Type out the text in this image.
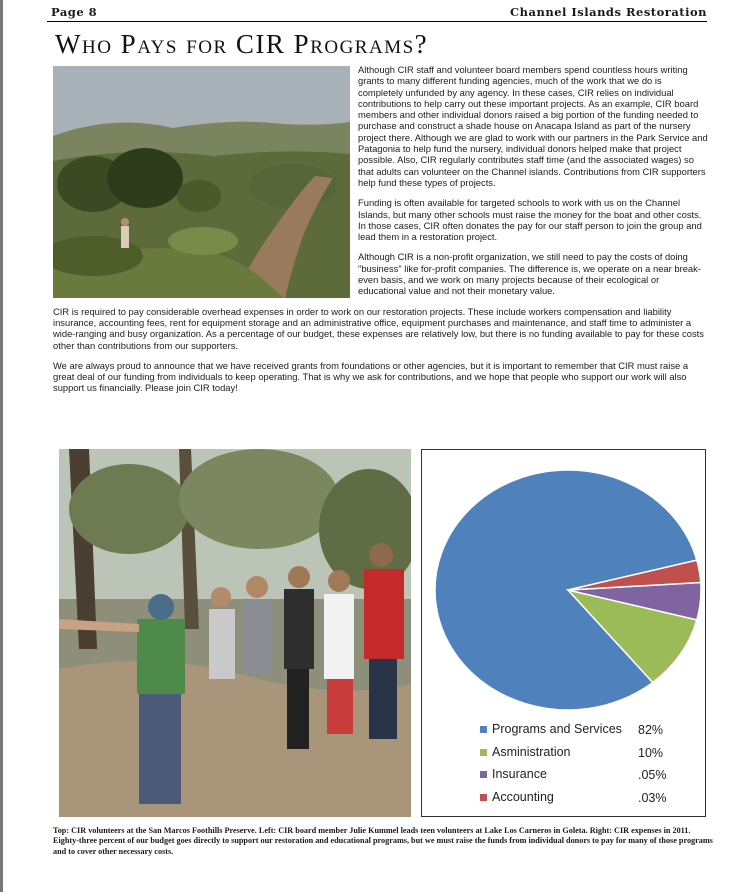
Page 8	Channel Islands Restoration
Who Pays for CIR Programs?

Although CIR staff and volunteer board members spend countless hours writing grants to many different funding agencies, much of the work that we do is completely unfunded by any agency. In these cases, CIR relies on individual contributions to help carry out these important projects. As an example, CIR board members and other individual donors raised a big portion of the funding needed to purchase and construct a shade house on Anacapa Island as part of the nursery project there. Although we are glad to work with our partners in the Park Service and Patagonia to help fund the nursery, individual donors helped make that project possible. Also, CIR regularly contributes staff time (and the associated wages) so that adults can volunteer on the Channel islands. Contributions from CIR supporters help fund these types of projects.

Funding is often available for targeted schools to work with us on the Channel Islands, but many other schools must raise the money for the boat and other costs. In those cases, CIR often donates the pay for our staff person to join the group and lead them in a restoration project.

Although CIR is a non-profit organization, we still need to pay the costs of doing "business" like for-profit companies. The difference is, we operate on a near break-even basis, and we work on many projects because of their ecological or educational value and not their monetary value.

CIR is required to pay considerable overhead expenses in order to work on our restoration projects. These include workers compensation and liability insurance, accounting fees, rent for equipment storage and an administrative office, equipment purchases and maintenance, and staff time to administer a wide-ranging and busy organization. As a percentage of our budget, these expenses are relatively low, but there is no funding available to pay for these costs other than contributions from our supporters.

We are always proud to announce that we have received grants from foundations or other agencies, but it is important to remember that CIR must raise a great deal of our funding from individuals to keep operating. That is why we ask for contributions, and we hope that people who support our work will also support us financially. Please join CIR today!

Programs and Services 82%
Asministration	10%
Insurance	.05%
Accounting	.03%
Top: CIR volunteers at the San Marcos Foothills Preserve. Left: CIR board member Julie Kummel leads teen volunteers at Lake Los Carneros in Goleta. Right: CIR expenses in 2011. Eighty-three percent of our budget goes directly to support our restoration and educational programs, but we must raise the funds from individual donors to pay for many of those programs and to cover other necessary costs.
